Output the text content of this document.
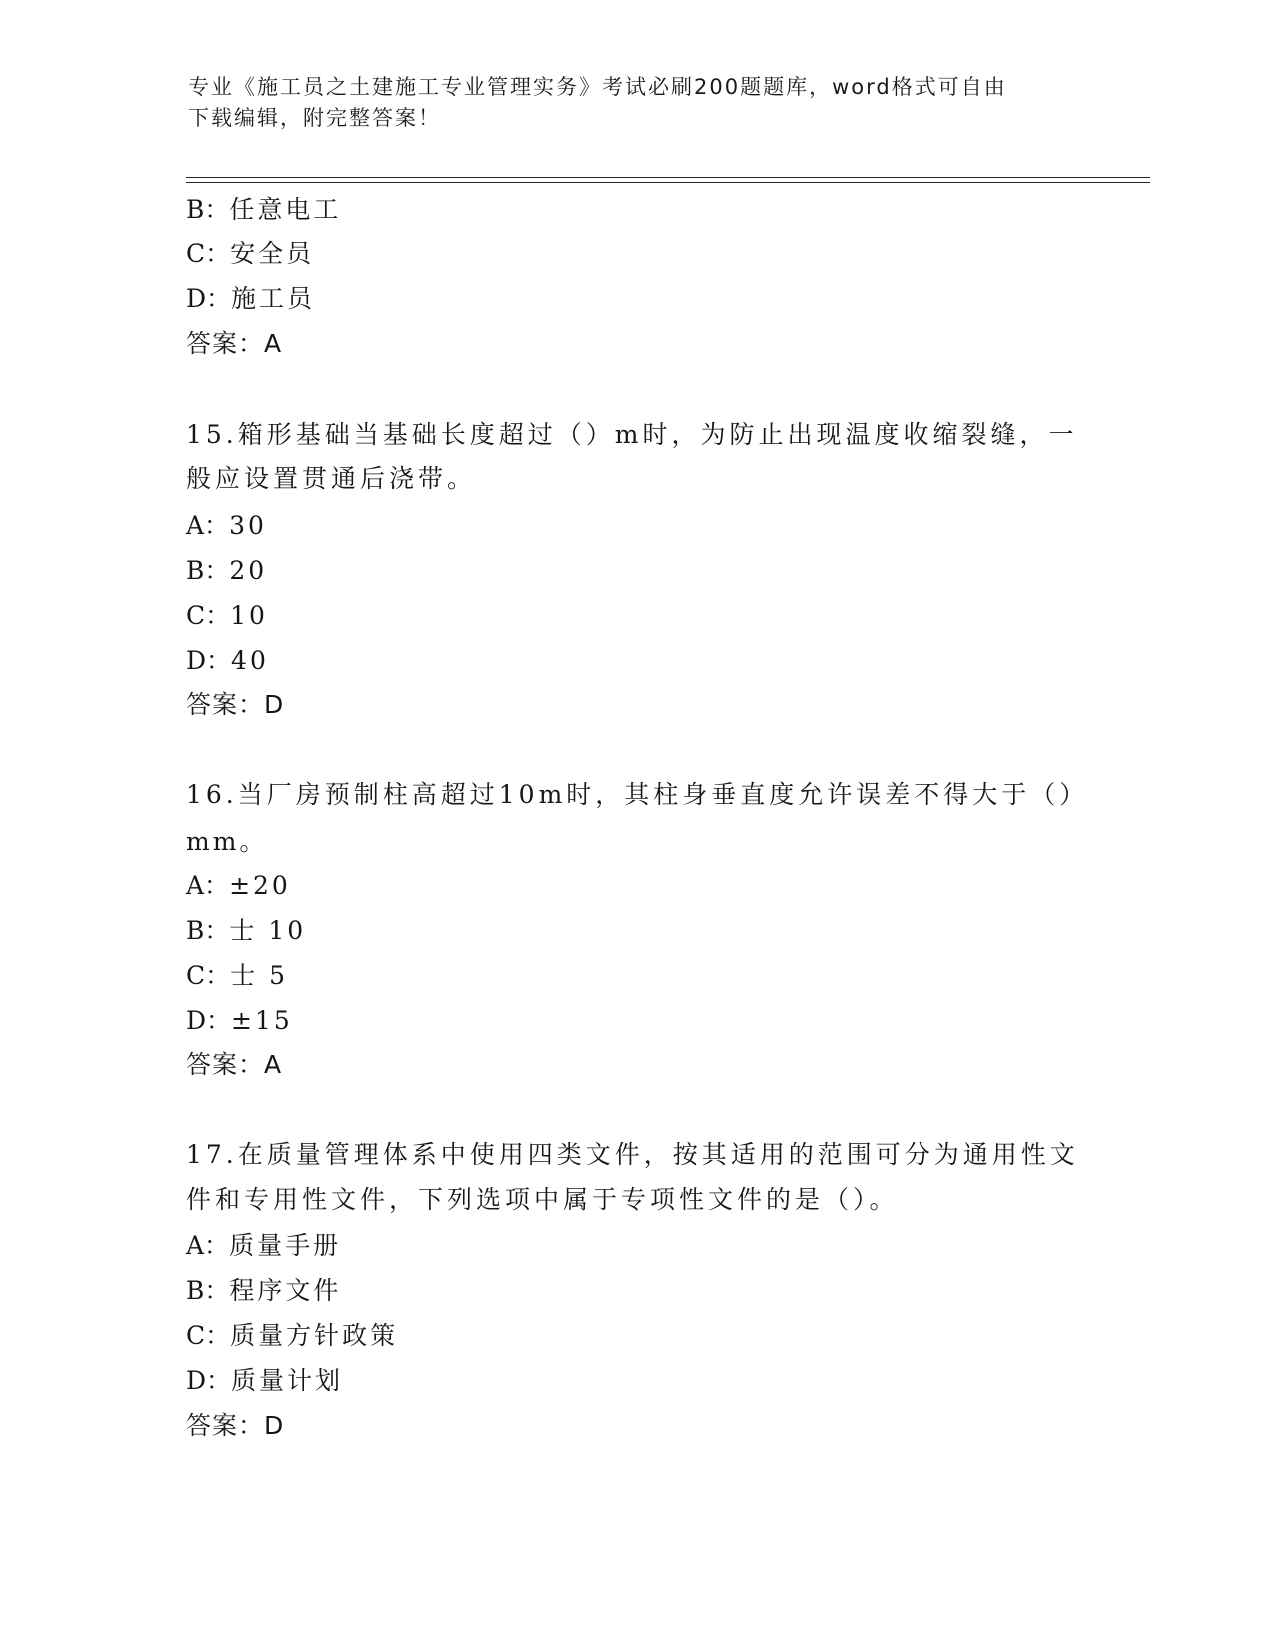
专业《施工员之土建施工专业管理实务》考试必刷200题题库，word格式可自由
下载编辑，附完整答案！
B：任意电工
C：安全员
D：施工员
答案：A
15.箱形基础当基础长度超过（）m时，为防止出现温度收缩裂缝，一
般应设置贯通后浇带。
A：30
B：20
C：10
D：40
答案：D
16.当厂房预制柱高超过10m时，其柱身垂直度允许误差不得大于（）
mm。
A：±20
B：士 10
C：士 5
D：±15
答案：A
17.在质量管理体系中使用四类文件，按其适用的范围可分为通用性文
件和专用性文件，下列选项中属于专项性文件的是（）。
A：质量手册
B：程序文件
C：质量方针政策
D：质量计划
答案：D
